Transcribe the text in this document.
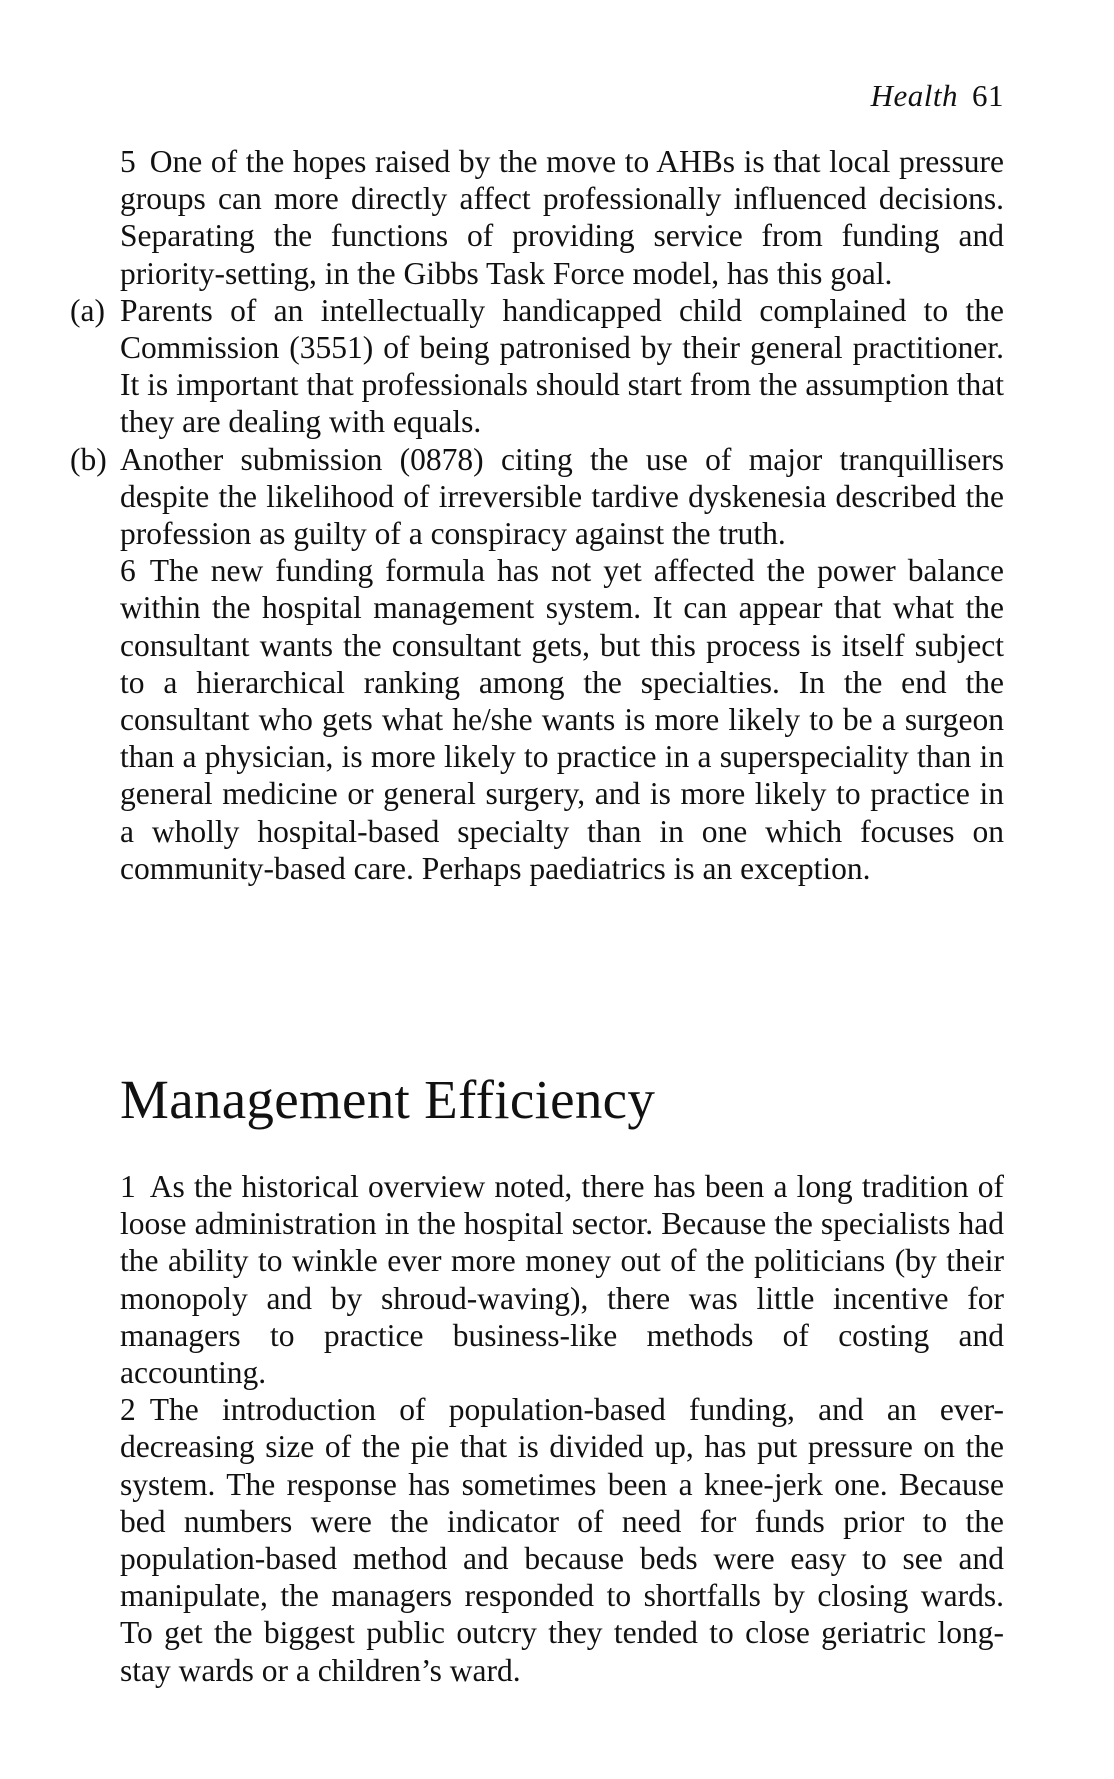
Health 61

5 One of the hopes raised by the move to AHBs is that local pressure groups can more directly affect professionally influenced decisions. Separating the functions of providing service from funding and priority-setting, in the Gibbs Task Force model, has this goal.

(a) Parents of an intellectually handicapped child complained to the Commission (3551) of being patronised by their general practitioner. It is important that professionals should start from the assumption that they are dealing with equals.

(b) Another submission (0878) citing the use of major tranquillisers despite the likelihood of irreversible tardive dyskenesia described the profession as guilty of a conspiracy against the truth.

6 The new funding formula has not yet affected the power balance within the hospital management system. It can appear that what the consultant wants the consultant gets, but this process is itself subject to a hierarchical ranking among the specialties. In the end the consultant who gets what he/she wants is more likely to be a surgeon than a physician, is more likely to practice in a superspeciality than in general medicine or general surgery, and is more likely to practice in a wholly hospital-based specialty than in one which focuses on community-based care. Perhaps paediatrics is an exception.

Management Efficiency

1 As the historical overview noted, there has been a long tradition of loose administration in the hospital sector. Because the specialists had the ability to winkle ever more money out of the politicians (by their monopoly and by shroud-waving), there was little incentive for managers to practice business-like methods of costing and accounting.

2 The introduction of population-based funding, and an ever-decreasing size of the pie that is divided up, has put pressure on the system. The response has sometimes been a knee-jerk one. Because bed numbers were the indicator of need for funds prior to the population-based method and because beds were easy to see and manipulate, the managers responded to shortfalls by closing wards. To get the biggest public outcry they tended to close geriatric long-stay wards or a children’s ward.
